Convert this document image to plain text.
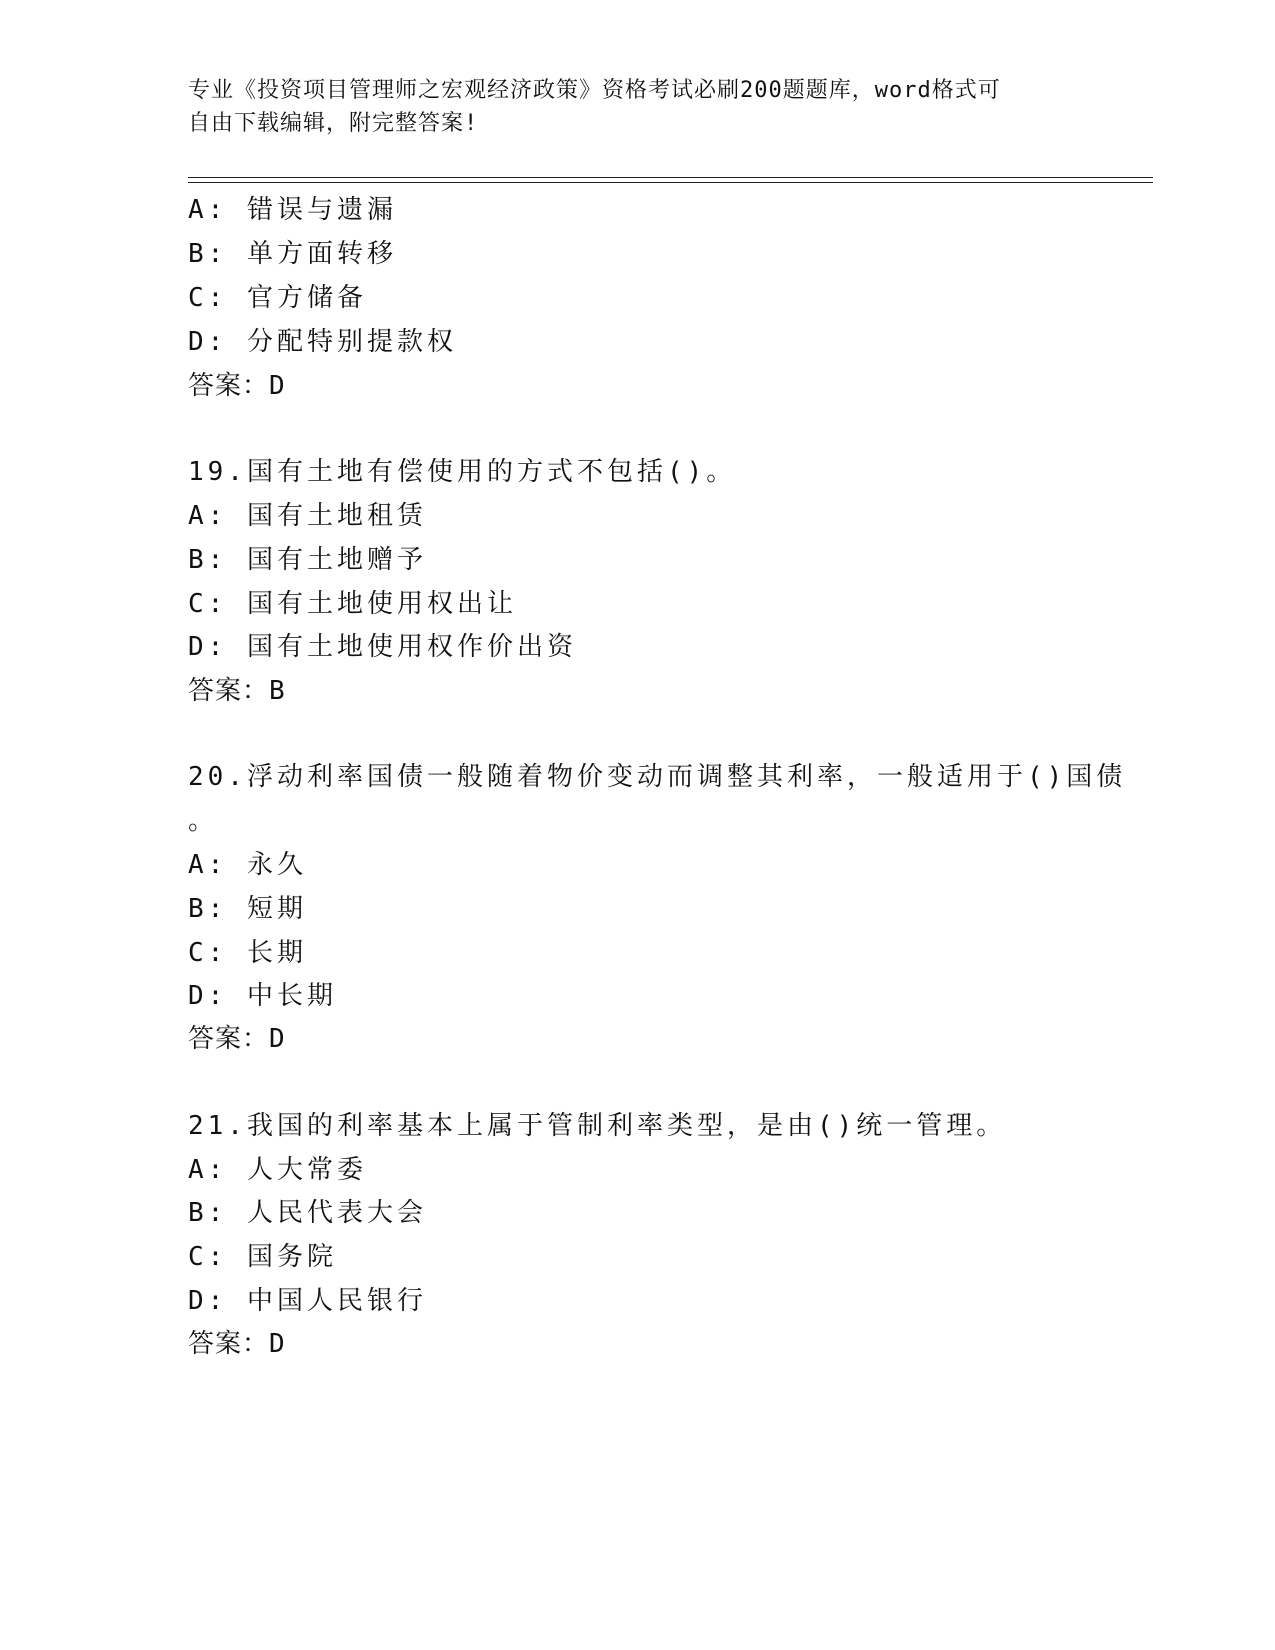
专业《投资项目管理师之宏观经济政策》资格考试必刷200题题库，word格式可
自由下载编辑，附完整答案!
A: 错误与遗漏
B: 单方面转移
C: 官方储备
D: 分配特别提款权
答案：D
19.国有土地有偿使用的方式不包括()。
A: 国有土地租赁
B: 国有土地赠予
C: 国有土地使用权出让
D: 国有土地使用权作价出资
答案：B
20.浮动利率国债一般随着物价变动而调整其利率，一般适用于()国债
。
A: 永久
B: 短期
C: 长期
D: 中长期
答案：D
21.我国的利率基本上属于管制利率类型，是由()统一管理。
A: 人大常委
B: 人民代表大会
C: 国务院
D: 中国人民银行
答案：D
